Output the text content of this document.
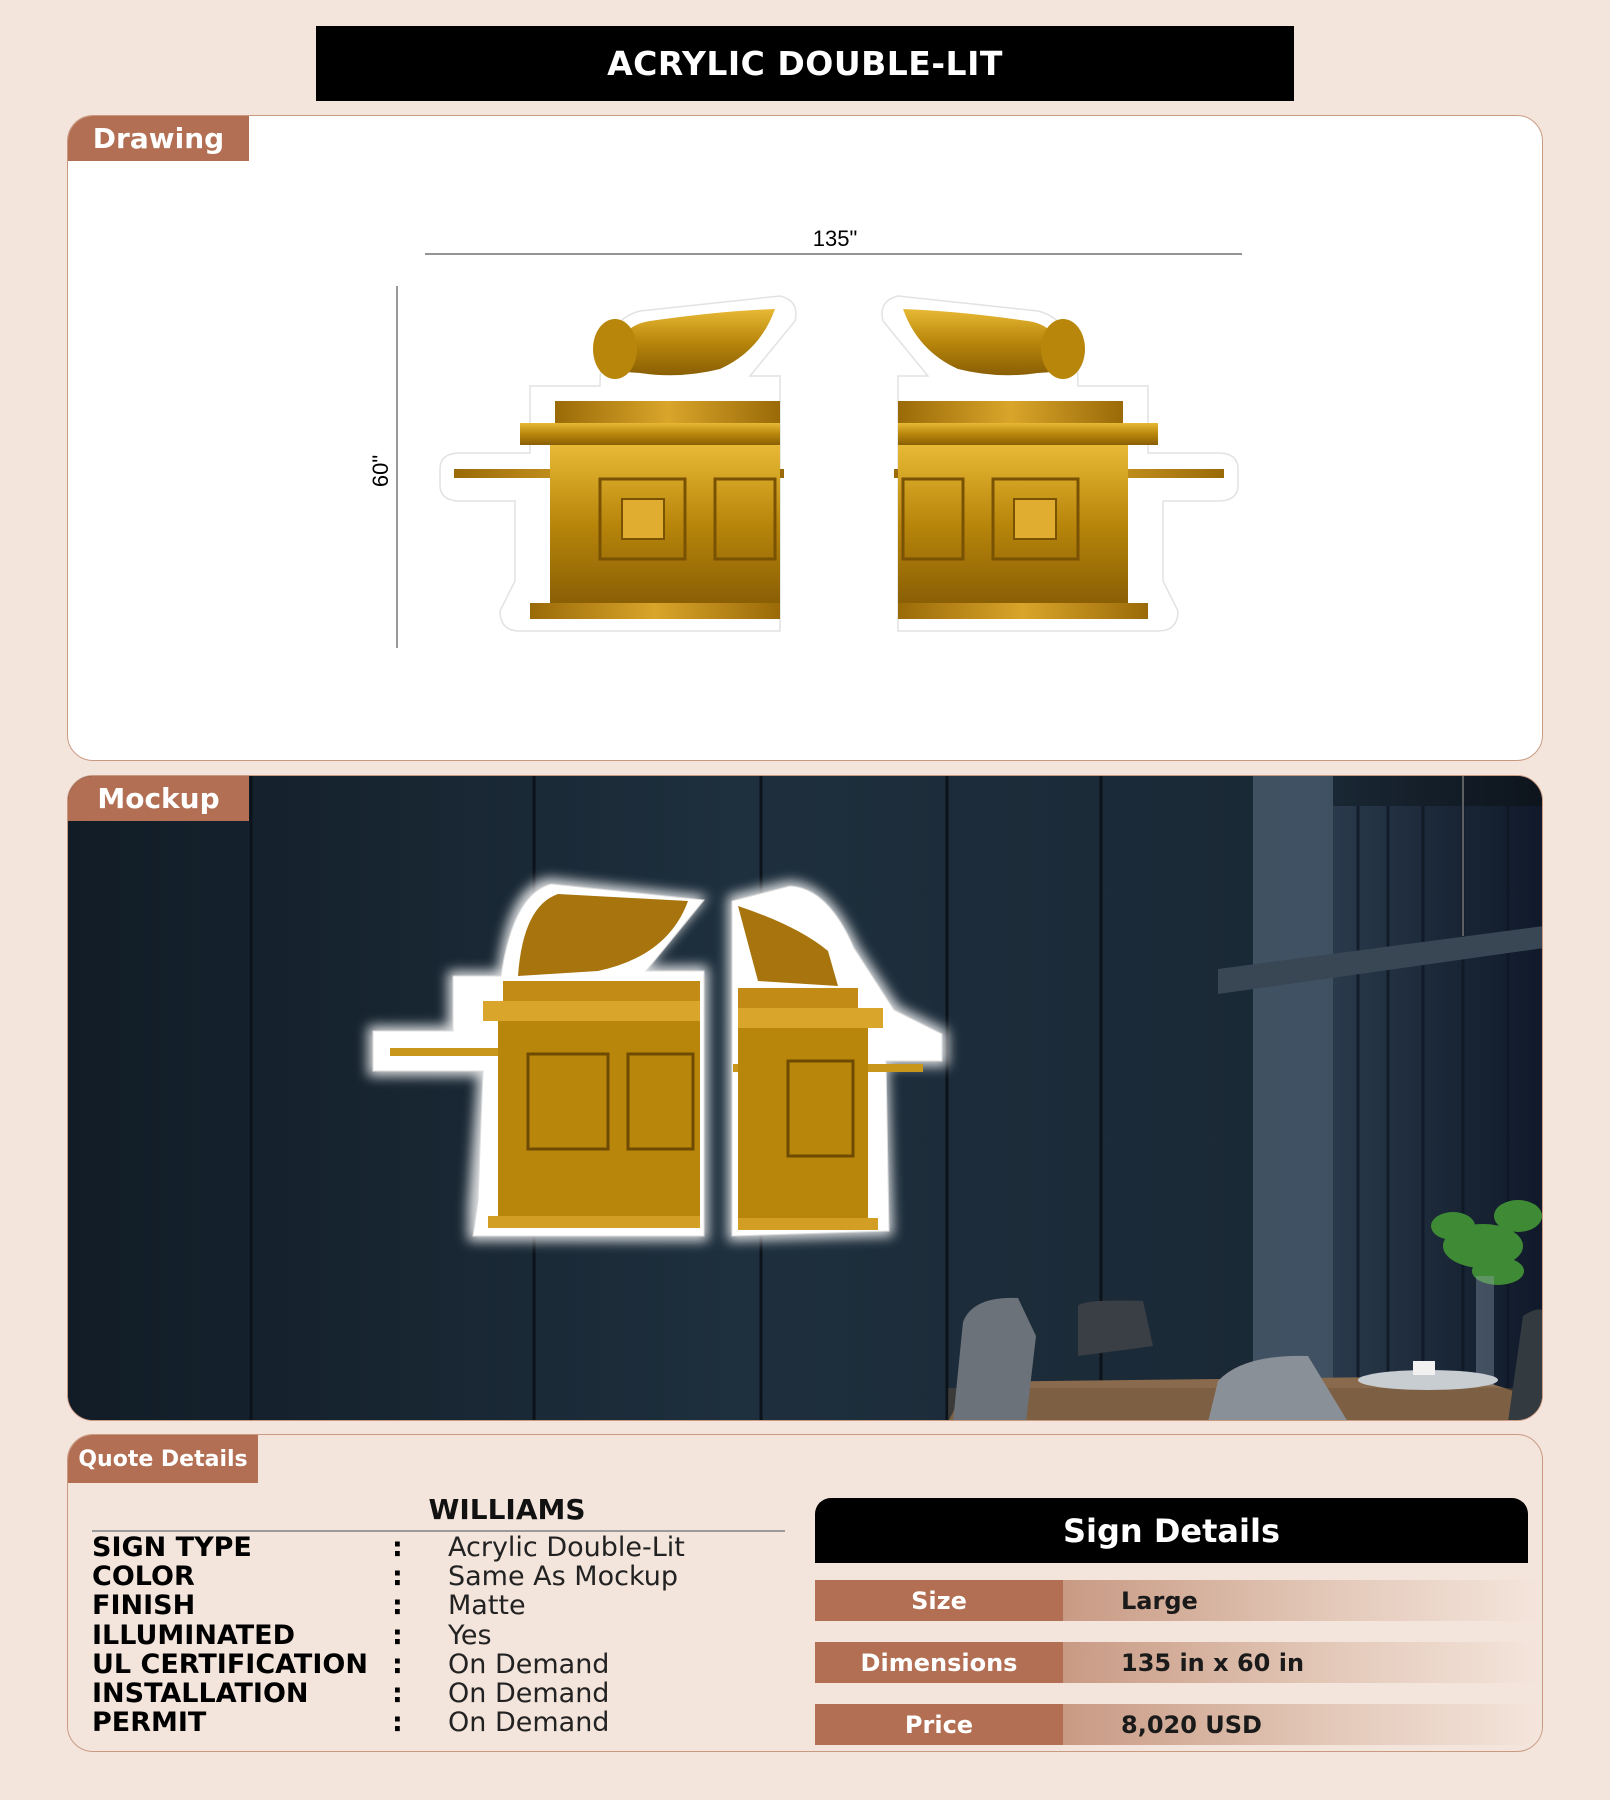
ACRYLIC DOUBLE-LIT
Drawing
135"
60"
Mockup
Quote Details
WILLIAMS
SIGN TYPE	:	Acrylic Double-Lit
COLOR	:	Same As Mockup
FINISH	:	Matte
ILLUMINATED	:	Yes
UL CERTIFICATION :	On Demand
INSTALLATION	:	On Demand
PERMIT	:	On Demand
Sign Details
Size	Large
Dimensions	135 in x 60 in
Price	8,020 USD
